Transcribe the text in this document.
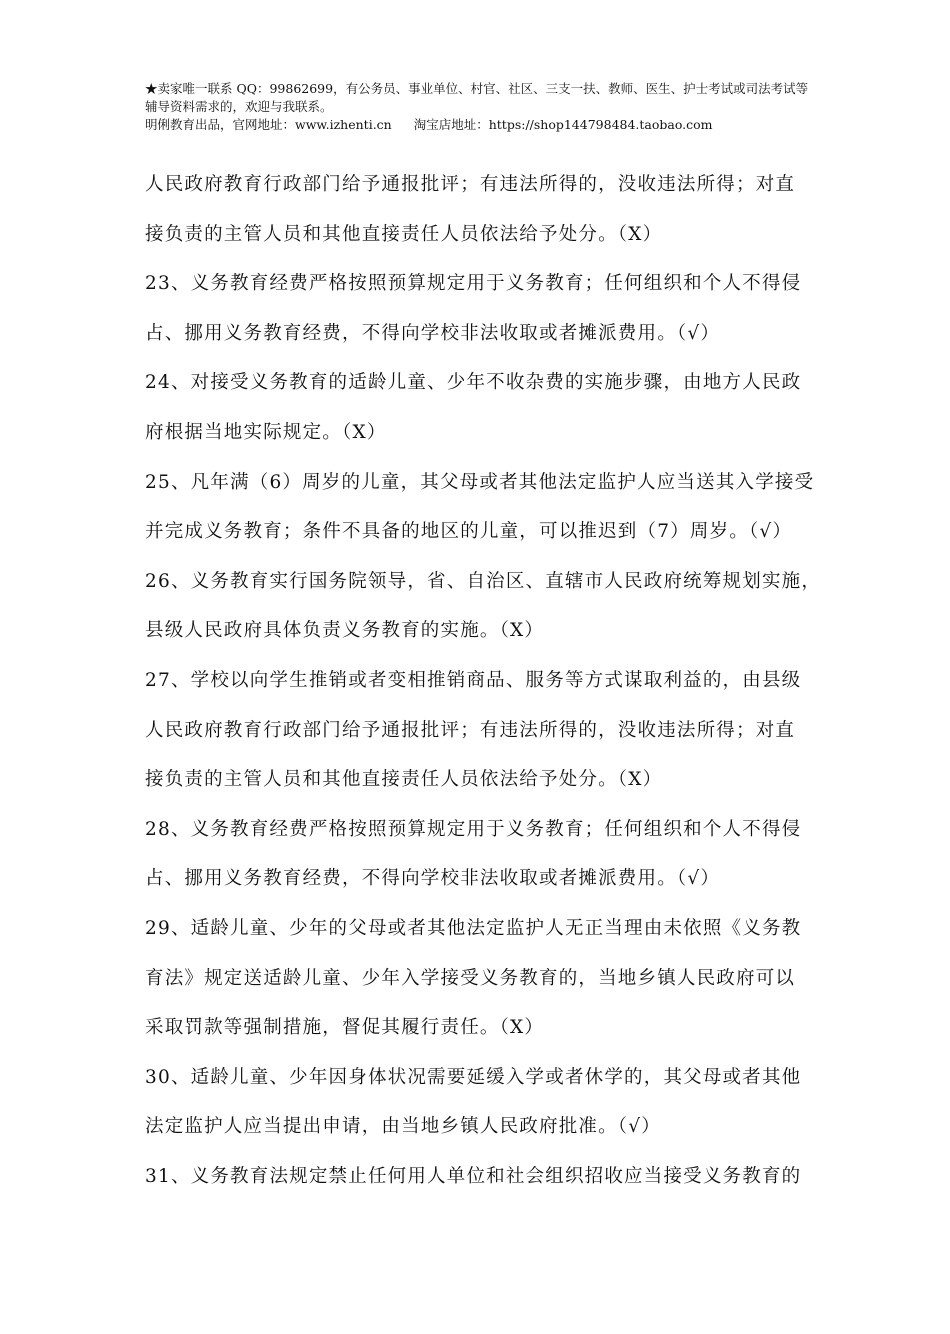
★卖家唯一联系 QQ：99862699，有公务员、事业单位、村官、社区、三支一扶、教师、医生、护士考试或司法考试等辅导资料需求的，欢迎与我联系。
明俐教育出品，官网地址：www.izhenti.cn 淘宝店地址：https://shop144798484.taobao.com
人民政府教育行政部门给予通报批评；有违法所得的，没收违法所得；对直
接负责的主管人员和其他直接责任人员依法给予处分。（X）
23、义务教育经费严格按照预算规定用于义务教育；任何组织和个人不得侵
占、挪用义务教育经费，不得向学校非法收取或者摊派费用。（√）
24、对接受义务教育的适龄儿童、少年不收杂费的实施步骤，由地方人民政
府根据当地实际规定。（X）
25、凡年满（6）周岁的儿童，其父母或者其他法定监护人应当送其入学接受
并完成义务教育；条件不具备的地区的儿童，可以推迟到（7）周岁。（√）
26、义务教育实行国务院领导，省、自治区、直辖市人民政府统筹规划实施，
县级人民政府具体负责义务教育的实施。（X）
27、学校以向学生推销或者变相推销商品、服务等方式谋取利益的，由县级
人民政府教育行政部门给予通报批评；有违法所得的，没收违法所得；对直
接负责的主管人员和其他直接责任人员依法给予处分。（X）
28、义务教育经费严格按照预算规定用于义务教育；任何组织和个人不得侵
占、挪用义务教育经费，不得向学校非法收取或者摊派费用。（√）
29、适龄儿童、少年的父母或者其他法定监护人无正当理由未依照《义务教
育法》规定送适龄儿童、少年入学接受义务教育的，当地乡镇人民政府可以
采取罚款等强制措施，督促其履行责任。（X）
30、适龄儿童、少年因身体状况需要延缓入学或者休学的，其父母或者其他
法定监护人应当提出申请，由当地乡镇人民政府批准。（√）
31、义务教育法规定禁止任何用人单位和社会组织招收应当接受义务教育的
